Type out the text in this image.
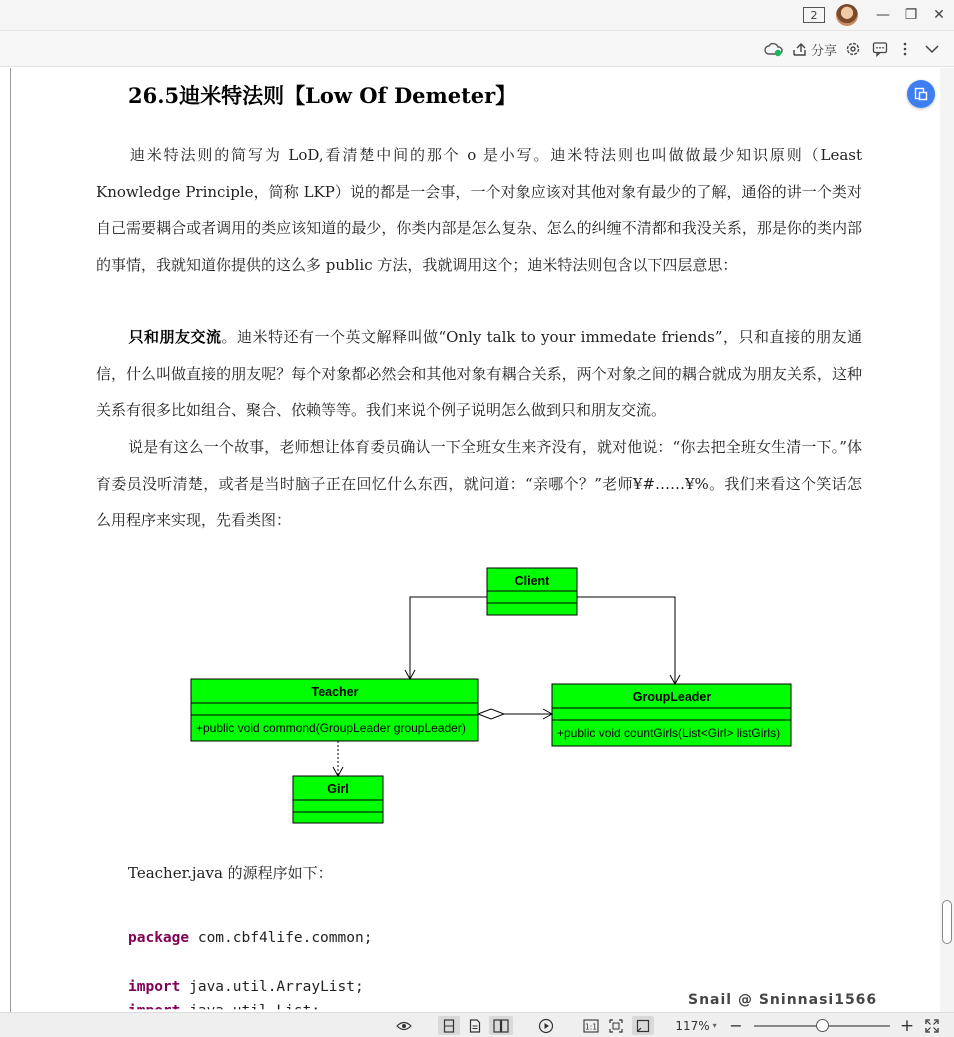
2	—	❐	✕
分享
26.5迪米特法则【Low Of Demeter】
迪米特法则的简写为 LoD,看清楚中间的那个 o 是小写。迪米特法则也叫做做最少知识原则（Least Knowledge Principle，简称 LKP）说的都是一会事，一个对象应该对其他对象有最少的了解，通俗的讲一个类对自己需要耦合或者调用的类应该知道的最少，你类内部是怎么复杂、怎么的纠缠不清都和我没关系，那是你的类内部的事情，我就知道你提供的这么多 public 方法，我就调用这个；迪米特法则包含以下四层意思：
只和朋友交流。迪米特还有一个英文解释叫做“Only talk to your immedate friends”，只和直接的朋友通信，什么叫做直接的朋友呢？每个对象都必然会和其他对象有耦合关系，两个对象之间的耦合就成为朋友关系，这种关系有很多比如组合、聚合、依赖等等。我们来说个例子说明怎么做到只和朋友交流。
说是有这么一个故事，老师想让体育委员确认一下全班女生来齐没有，就对他说：“你去把全班女生清一下。”体育委员没听清楚，或者是当时脑子正在回忆什么东西，就问道：“亲哪个？”老师¥#……¥%。我们来看这个笑话怎么用程序来实现，先看类图：
Client
Teacher
+public void commond(GroupLeader groupLeader)
GroupLeader
+public void countGirls(List<Girl> listGirls)
Girl
Teacher.java 的源程序如下：
package com.cbf4life.common;
import java.util.ArrayList;
Snail @ Sninnasi1566
1:1	117% ▾ −	+
